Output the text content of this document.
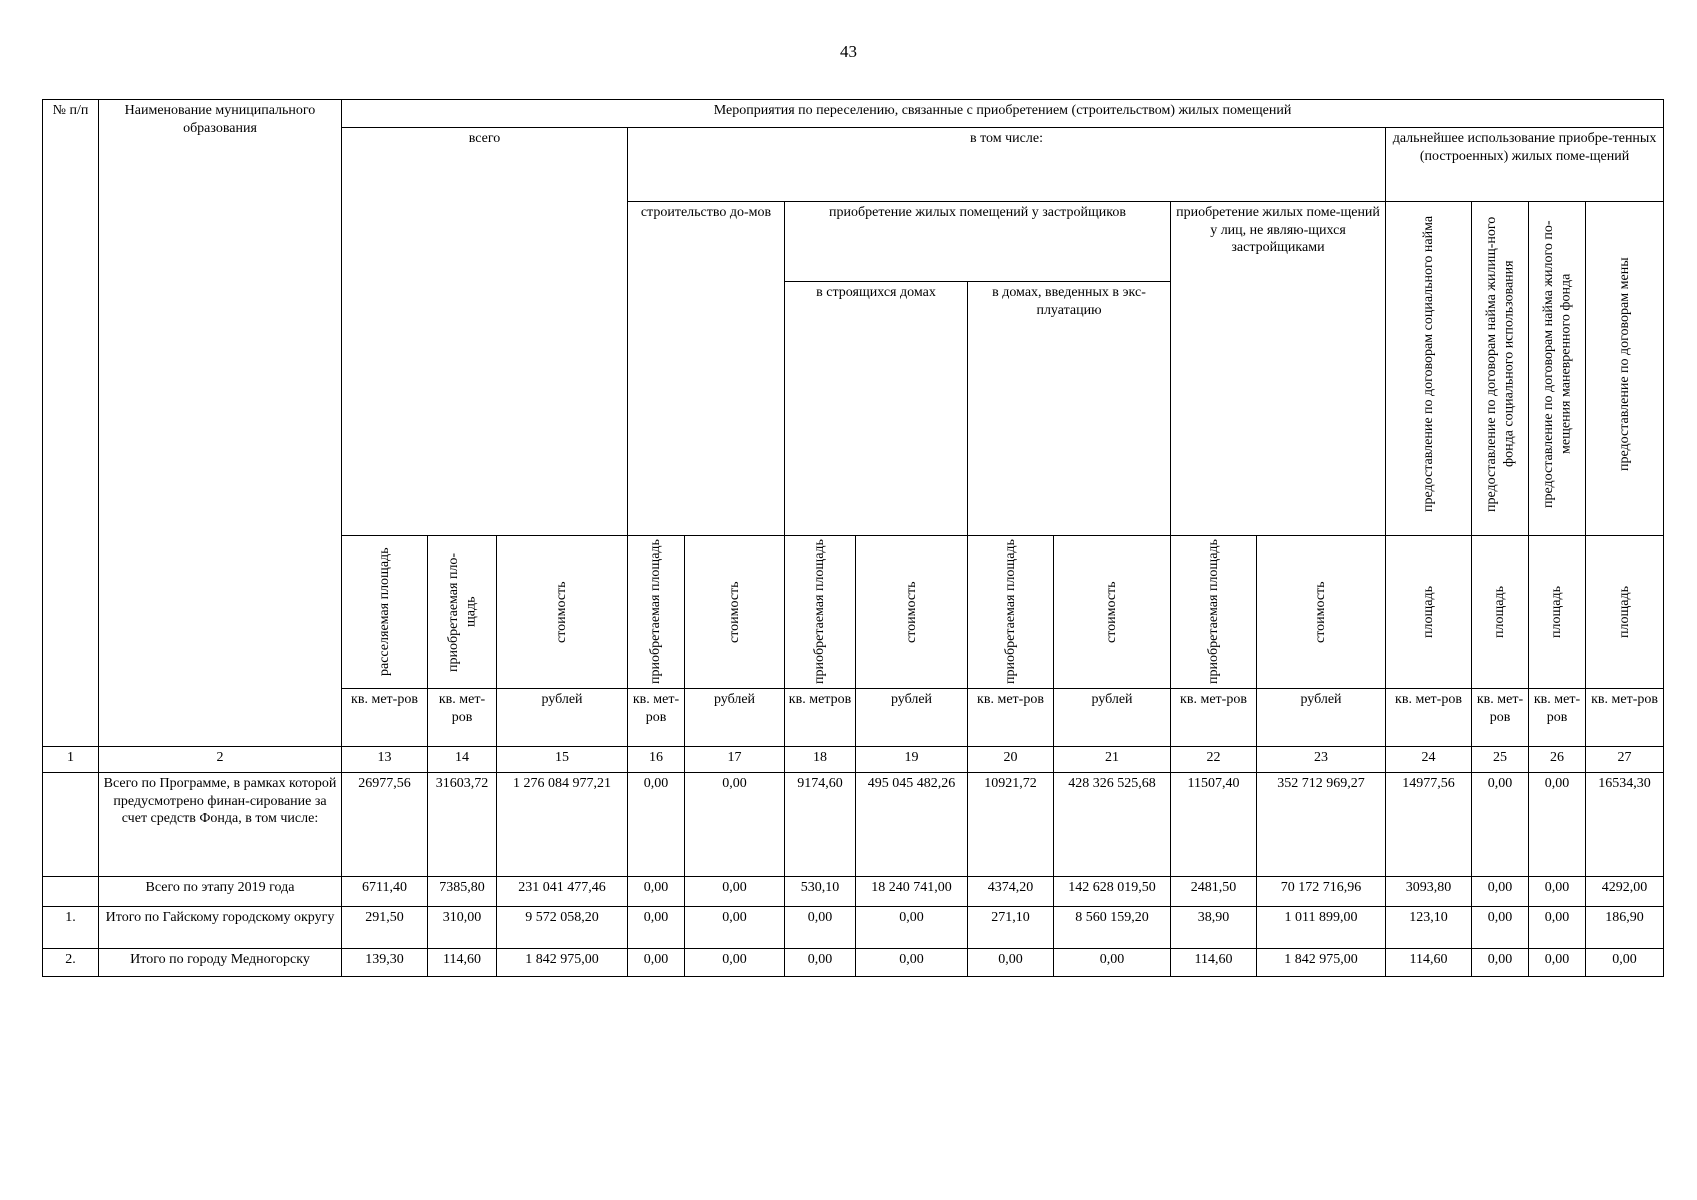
43
№ п/п	Наименование муниципального образования	Мероприятия по переселению, связанные с приобретением (строительством) жилых помещений														
		всего			в том числе:								дальнейшее использование приобре-тенных (построенных) жилых поме-щений			
					строительство до-мов		приобретение жилых помещений у застройщиков				приобретение жилых поме-щений у лиц, не являю-щихся застройщиками		предоставление по договорам социального найма	предоставление по договорам найма жилищ-ного фонда социального использования	предоставление по договорам найма жилого по-мещения маневренного фонда	предоставление по договорам мены

							в строящихся домах		в домах, введенных в экс-плуатацию							

		расселяемая площадь	приобретаемая пло-щадь	стоимость	приобретаемая площадь	стоимость	приобретаемая площадь	стоимость	приобретаемая площадь	стоимость	приобретаемая площадь	стоимость	площадь	площадь	площадь	площадь

		кв. мет-ров	кв. мет-ров	рублей	кв. мет-ров	рублей	кв. метров	рублей	кв. мет-ров	рублей	кв. мет-ров	рублей	кв. мет-ров	кв. мет-ров	кв. мет-ров	кв. мет-ров
1	2	13	14	15	16	17	18	19	20	21	22	23	24	25	26	27
	Всего по Программе, в рамках которой предусмотрено финан-сирование за счет средств Фонда, в том числе:	26977,56	31603,72	1 276 084 977,21	0,00	0,00	9174,60	495 045 482,26	10921,72	428 326 525,68	11507,40	352 712 969,27	14977,56	0,00	0,00	16534,30
	Всего по этапу 2019 года	6711,40	7385,80	231 041 477,46	0,00	0,00	530,10	18 240 741,00	4374,20	142 628 019,50	2481,50	70 172 716,96	3093,80	0,00	0,00	4292,00
1.	Итого по Гайскому городскому округу	291,50	310,00	9 572 058,20	0,00	0,00	0,00	0,00	271,10	8 560 159,20	38,90	1 011 899,00	123,10	0,00	0,00	186,90
2.	Итого по городу Медногорску	139,30	114,60	1 842 975,00	0,00	0,00	0,00	0,00	0,00	0,00	114,60	1 842 975,00	114,60	0,00	0,00	0,00
